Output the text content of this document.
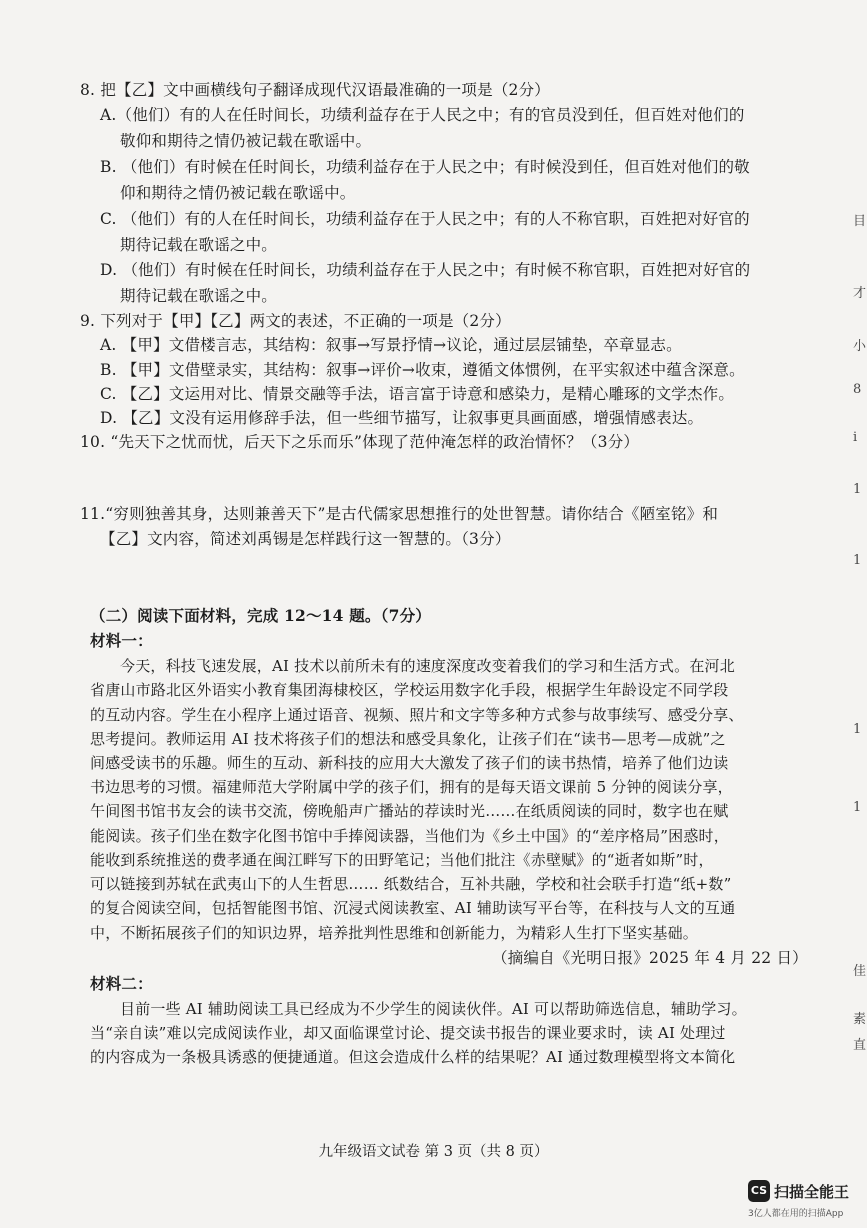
8. 把【乙】文中画横线句子翻译成现代汉语最准确的一项是（2分）
A.（他们）有的人在任时间长，功绩利益存在于人民之中；有的官员没到任，但百姓对他们的
敬仰和期待之情仍被记载在歌谣中。
B. （他们）有时候在任时间长，功绩利益存在于人民之中；有时候没到任，但百姓对他们的敬
仰和期待之情仍被记载在歌谣中。
C. （他们）有的人在任时间长，功绩利益存在于人民之中；有的人不称官职，百姓把对好官的
期待记载在歌谣之中。
D. （他们）有时候在任时间长，功绩利益存在于人民之中；有时候不称官职，百姓把对好官的
期待记载在歌谣之中。
9. 下列对于【甲】【乙】两文的表述，不正确的一项是（2分）
A. 【甲】文借楼言志，其结构：叙事→写景抒情→议论，通过层层铺垫，卒章显志。
B. 【甲】文借壁录实，其结构：叙事→评价→收束，遵循文体惯例，在平实叙述中蕴含深意。
C. 【乙】文运用对比、情景交融等手法，语言富于诗意和感染力，是精心雕琢的文学杰作。
D. 【乙】文没有运用修辞手法，但一些细节描写，让叙事更具画面感，增强情感表达。
10. “先天下之忧而忧，后天下之乐而乐”体现了范仲淹怎样的政治情怀？（3分）
11.“穷则独善其身，达则兼善天下”是古代儒家思想推行的处世智慧。请你结合《陋室铭》和
【乙】文内容，简述刘禹锡是怎样践行这一智慧的。（3分）
（二）阅读下面材料，完成 12～14 题。（7分）
材料一：
今天，科技飞速发展，AI 技术以前所未有的速度深度改变着我们的学习和生活方式。在河北
省唐山市路北区外语实小教育集团海棣校区，学校运用数字化手段，根据学生年龄设定不同学段
的互动内容。学生在小程序上通过语音、视频、照片和文字等多种方式参与故事续写、感受分享、
思考提问。教师运用 AI 技术将孩子们的想法和感受具象化，让孩子们在“读书—思考—成就”之
间感受读书的乐趣。师生的互动、新科技的应用大大激发了孩子们的读书热情，培养了他们边读
书边思考的习惯。福建师范大学附属中学的孩子们，拥有的是每天语文课前 5 分钟的阅读分享，
午间图书馆书友会的读书交流，傍晚船声广播站的荐读时光……在纸质阅读的同时，数字也在赋
能阅读。孩子们坐在数字化图书馆中手捧阅读器，当他们为《乡土中国》的“差序格局”困惑时，
能收到系统推送的费孝通在闽江畔写下的田野笔记；当他们批注《赤壁赋》的“逝者如斯”时，
可以链接到苏轼在武夷山下的人生哲思…… 纸数结合，互补共融，学校和社会联手打造“纸+数”
的复合阅读空间，包括智能图书馆、沉浸式阅读教室、AI 辅助读写平台等，在科技与人文的互通
中，不断拓展孩子们的知识边界，培养批判性思维和创新能力，为精彩人生打下坚实基础。
（摘编自《光明日报》2025 年 4 月 22 日）
材料二：
目前一些 AI 辅助阅读工具已经成为不少学生的阅读伙伴。AI 可以帮助筛选信息，辅助学习。
当“亲自读”难以完成阅读作业，却又面临课堂讨论、提交读书报告的课业要求时，读 AI 处理过
的内容成为一条极具诱惑的便捷通道。但这会造成什么样的结果呢？AI 通过数理模型将文本简化
九年级语文试卷 第 3 页（共 8 页）
目
才
小
8
i
1
1
1
1
佳
素
直
CS 扫描全能王
3亿人都在用的扫描App
